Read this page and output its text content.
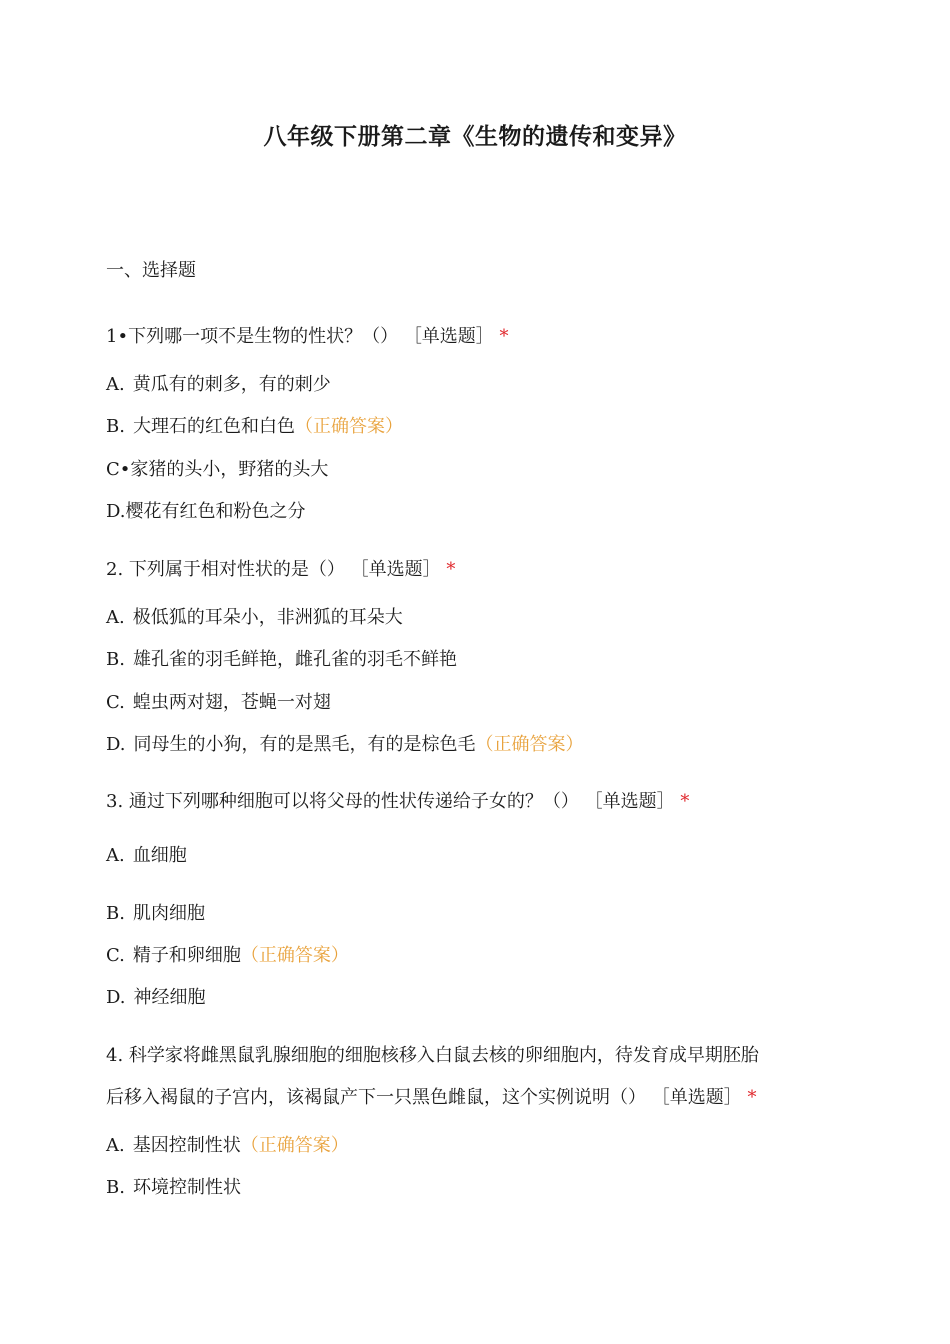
八年级下册第二章《生物的遗传和变异》
一、选择题
1•下列哪一项不是生物的性状？（） ［单选题］ *
A. 黄瓜有的刺多，有的刺少
B. 大理石的红色和白色（正确答案）
C•家猪的头小，野猪的头大
D.樱花有红色和粉色之分
2. 下列属于相对性状的是（） ［单选题］ *
A. 极低狐的耳朵小，非洲狐的耳朵大
B. 雄孔雀的羽毛鲜艳，雌孔雀的羽毛不鲜艳
C. 蝗虫两对翅，苍蝇一对翅
D. 同母生的小狗，有的是黑毛，有的是棕色毛（正确答案）
3. 通过下列哪种细胞可以将父母的性状传递给子女的？（） ［单选题］ *
A. 血细胞
B. 肌肉细胞
C. 精子和卵细胞（正确答案）
D. 神经细胞
4. 科学家将雌黑鼠乳腺细胞的细胞核移入白鼠去核的卵细胞内，待发育成早期胚胎
后移入褐鼠的子宫内，该褐鼠产下一只黑色雌鼠，这个实例说明（） ［单选题］ *
A. 基因控制性状（正确答案）
B. 环境控制性状
